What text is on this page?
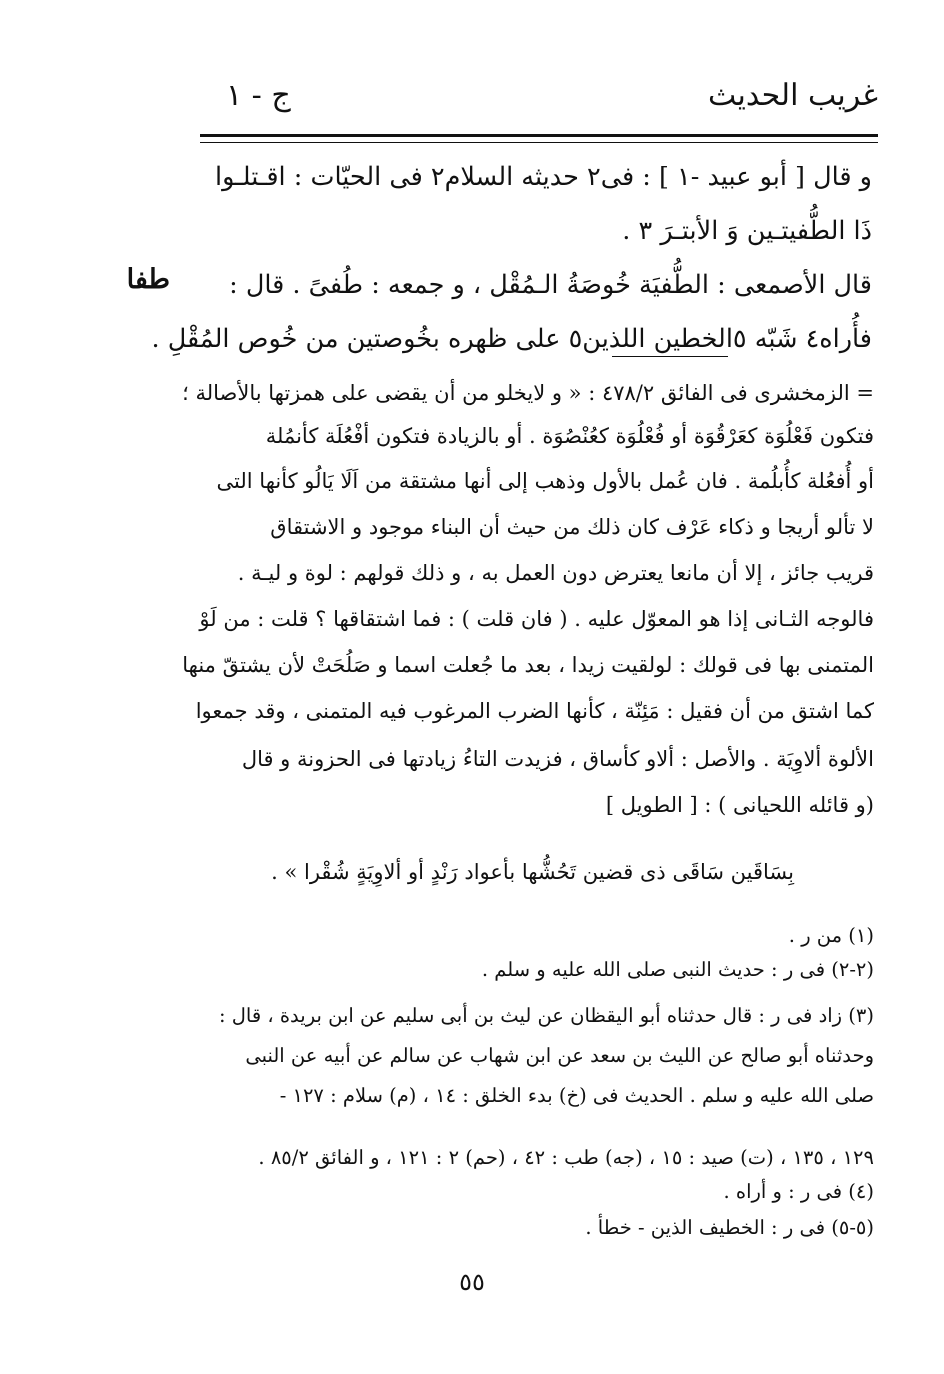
غريب الحديث
ج - ١
طفا
و قال [ أبو عبيد -١ ] : فى٢ حديثه السلام٢ فى الحيّات : اقـتلـوا
ذَا الطُّفيتـين وَ الأبتـرَ ٣ .
قال الأصمعى : الطُّفيَة خُوصَةُ الـمُقْل ، و جمعه : طُفىً . قال :
فأُراه٤ شَبّه ٥الخطين اللذين٥ على ظهره بخُوصتين من خُوص المُقْلِ .
= الزمخشرى فى الفائق ٤٧٨/٢ : « و لايخلو من أن يقضى على همزتها بالأصالة ؛
فتكون فَعْلُوَة كعَرْقُوَة أو فُعْلُوَة كعُنْصُوَة . أو بالزيادة فتكون أفْعُلَة كأنمُلة
أو أُفعُلة كأُبلُمة . فان عُمل بالأول وذهب إلى أنها مشتقة من اَلَا يَالُو كأنها التى
لا تألو أريجا و ذكاء عَرْف كان ذلك من حيث أن البناء موجود و الاشتقاق
قريب جائز ، إلا أن مانعا يعترض دون العمل به ، و ذلك قولهم : لوة و ليـة .
فالوجه الثـانى إذا هو المعوّل عليه . ( فان قلت ) : فما اشتقاقها ؟ قلت : من لَوْ
المتمنى بها فى قولك : لولقيت زيدا ، بعد ما جُعلت اسما و صَلُحَتْ لأن يشتقّ منها
كما اشتق من أن فقيل : مَئِنّة ، كأنها الضرب المرغوب فيه المتمنى ، وقد جمعوا
الألوة ألاوِيَة . والأصل : ألاو كأساق ، فزيدت التاءُ زيادتها فى الحزونة و قال
(و قائله اللحيانى ) : [ الطويل ]
بِسَاقَين سَاقَى ذى قضين تَحُشُّها بأعواد رَنْدٍ أو ألاوِيَةٍ شُقْرا » .
(١) من ر .
(٢-٢) فى ر : حديث النبى صلى الله عليه و سلم .
(٣) زاد فى ر : قال حدثناه أبو اليقظان عن ليث بن أبى سليم عن ابن بريدة ، قال :
وحدثناه أبو صالح عن الليث بن سعد عن ابن شهاب عن سالم عن أبيه عن النبى
صلى الله عليه و سلم . الحديث فى (خ) بدء الخلق : ١٤ ، (م) سلام : ١٢٧ -
١٢٩ ، ١٣٥ ، (ت) صيد : ١٥ ، (جه) طب : ٤٢ ، (حم) ٢ : ١٢١ ، و الفائق ٨٥/٢ .
(٤) فى ر : و أراه .
(٥-٥) فى ر : الخطيف الذين - خطأ .
٥٥
